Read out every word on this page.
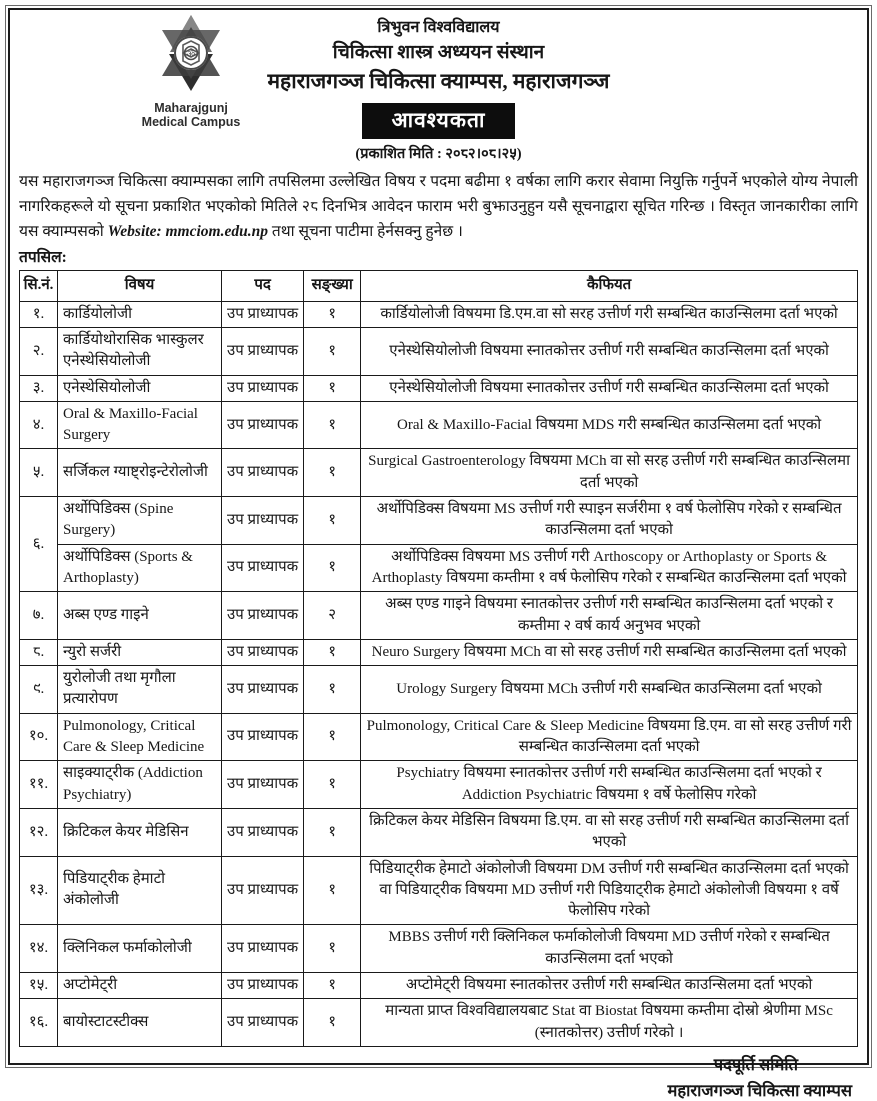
ॐ
Maharajgunj
Medical Campus
त्रिभुवन विश्वविद्यालय
चिकित्सा शास्त्र अध्ययन संस्थान
महाराजगञ्ज चिकित्सा क्याम्पस, महाराजगञ्ज
आवश्यकता
(प्रकाशित मिति : २०८२।०८।२५)

यस महाराजगञ्ज चिकित्सा क्याम्पसका लागि तपसिलमा उल्लेखित विषय र पदमा बढीमा १ वर्षका लागि करार सेवामा नियुक्ति गर्नुपर्ने भएकोले योग्य नेपाली नागरिकहरूले यो सूचना प्रकाशित भएकोको मितिले २८ दिनभित्र आवेदन फाराम भरी बुझाउनुहुन यसै सूचनाद्वारा सूचित गरिन्छ । विस्तृत जानकारीका लागि यस क्याम्पसको Website: mmciom.edu.np तथा सूचना पाटीमा हेर्नसक्नु हुनेछ ।

तपसिल:
सि.नं.	विषय	पद	सङ्ख्या	कैफियत
१.	कार्डियोलोजी	उप प्राध्यापक	१	कार्डियोलोजी विषयमा डि.एम.वा सो सरह उत्तीर्ण गरी सम्बन्धित काउन्सिलमा दर्ता भएको
२.	कार्डियोथोरासिक भास्कुलर एनेस्थेसियोलोजी	उप प्राध्यापक	१	एनेस्थेसियोलोजी विषयमा स्नातकोत्तर उत्तीर्ण गरी सम्बन्धित काउन्सिलमा दर्ता भएको
३.	एनेस्थेसियोलोजी	उप प्राध्यापक	१	एनेस्थेसियोलोजी विषयमा स्नातकोत्तर उत्तीर्ण गरी सम्बन्धित काउन्सिलमा दर्ता भएको
४.	Oral & Maxillo-Facial Surgery	उप प्राध्यापक	१	Oral & Maxillo-Facial विषयमा MDS गरी सम्बन्धित काउन्सिलमा दर्ता भएको
५.	सर्जिकल ग्याष्ट्रोइन्टेरोलोजी	उप प्राध्यापक	१	Surgical Gastroenterology विषयमा MCh वा सो सरह उत्तीर्ण गरी सम्बन्धित काउन्सिलमा दर्ता भएको
६.	अर्थोपिडिक्स (Spine Surgery)	उप प्राध्यापक	१	अर्थोपिडिक्स विषयमा MS उत्तीर्ण गरी स्पाइन सर्जरीमा १ वर्ष फेलोसिप गरेको र सम्बन्धित काउन्सिलमा दर्ता भएको
	अर्थोपिडिक्स (Sports & Arthoplasty)	उप प्राध्यापक	१	अर्थोपिडिक्स विषयमा MS उत्तीर्ण गरी Arthoscopy or Arthoplasty or Sports & Arthoplasty विषयमा कम्तीमा १ वर्ष फेलोसिप गरेको र सम्बन्धित काउन्सिलमा दर्ता भएको
७.	अब्स एण्ड गाइने	उप प्राध्यापक	२	अब्स एण्ड गाइने विषयमा स्नातकोत्तर उत्तीर्ण गरी सम्बन्धित काउन्सिलमा दर्ता भएको र कम्तीमा २ वर्ष कार्य अनुभव भएको
८.	न्युरो सर्जरी	उप प्राध्यापक	१	Neuro Surgery विषयमा MCh वा सो सरह उत्तीर्ण गरी सम्बन्धित काउन्सिलमा दर्ता भएको
९.	युरोलोजी तथा मृगौला प्रत्यारोपण	उप प्राध्यापक	१	Urology Surgery विषयमा MCh उत्तीर्ण गरी सम्बन्धित काउन्सिलमा दर्ता भएको
१०.	Pulmonology, Critical Care & Sleep Medicine	उप प्राध्यापक	१	Pulmonology, Critical Care & Sleep Medicine विषयमा डि.एम. वा सो सरह उत्तीर्ण गरी सम्बन्धित काउन्सिलमा दर्ता भएको
११.	साइक्याट्रीक (Addiction Psychiatry)	उप प्राध्यापक	१	Psychiatry विषयमा स्नातकोत्तर उत्तीर्ण गरी सम्बन्धित काउन्सिलमा दर्ता भएको र Addiction Psychiatric विषयमा १ वर्षे फेलोसिप गरेको
१२.	क्रिटिकल केयर मेडिसिन	उप प्राध्यापक	१	क्रिटिकल केयर मेडिसिन विषयमा डि.एम. वा सो सरह उत्तीर्ण गरी सम्बन्धित काउन्सिलमा दर्ता भएको
१३.	पिडियाट्रीक हेमाटो अंकोलोजी	उप प्राध्यापक	१	पिडियाट्रीक हेमाटो अंकोलोजी विषयमा DM उत्तीर्ण गरी सम्बन्धित काउन्सिलमा दर्ता भएको वा पिडियाट्रीक विषयमा MD उत्तीर्ण गरी पिडियाट्रीक हेमाटो अंकोलोजी विषयमा १ वर्षे फेलोसिप गरेको
१४.	क्लिनिकल फर्माकोलोजी	उप प्राध्यापक	१	MBBS उत्तीर्ण गरी क्लिनिकल फर्माकोलोजी विषयमा MD उत्तीर्ण गरेको र सम्बन्धित काउन्सिलमा दर्ता भएको
१५.	अप्टोमेट्री	उप प्राध्यापक	१	अप्टोमेट्री विषयमा स्नातकोत्तर उत्तीर्ण गरी सम्बन्धित काउन्सिलमा दर्ता भएको
१६.	बायोस्टाटस्टीक्स	उप प्राध्यापक	१	मान्यता प्राप्त विश्वविद्यालयबाट Stat वा Biostat विषयमा कम्तीमा दोस्रो श्रेणीमा MSc (स्नातकोत्तर) उत्तीर्ण गरेको ।
पदपूर्ति समिति
महाराजगञ्ज चिकित्सा क्याम्पस
